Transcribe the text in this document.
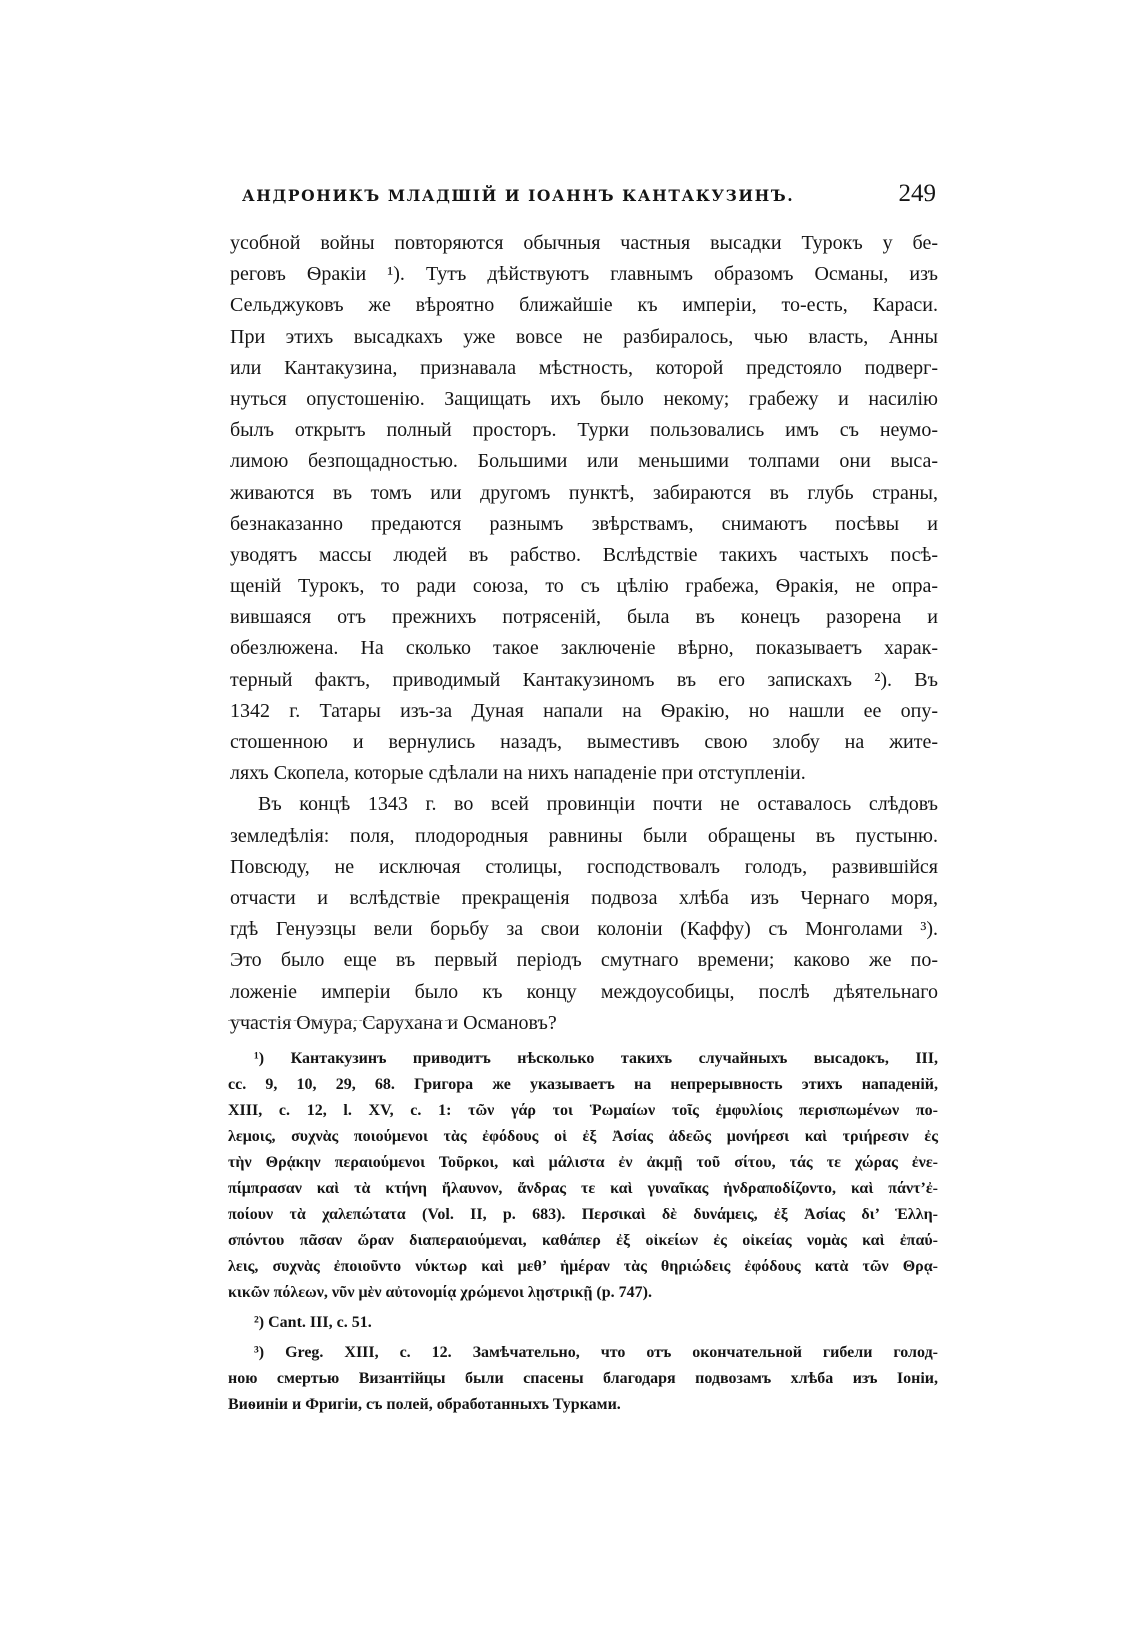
АНДРОНИКЪ МЛАДШІЙ И ІОАННЪ КАНТАКУЗИНЪ.	249
усобной войны повторяются обычныя частныя высадки Турокъ у бе-
реговъ Ѳракіи ¹). Тутъ дѣйствуютъ главнымъ образомъ Османы, изъ
Сельджуковъ же вѣроятно ближайшіе къ имперіи, то-есть, Караси.
При этихъ высадкахъ уже вовсе не разбиралось, чью власть, Анны
или Кантакузина, признавала мѣстность, которой предстояло подверг-
нуться опустошенію. Защищать ихъ было некому; грабежу и насилію
былъ открытъ полный просторъ. Турки пользовались имъ съ неумо-
лимою безпощадностью. Большими или меньшими толпами они выса-
живаются въ томъ или другомъ пунктѣ, забираются въ глубь страны,
безнаказанно предаются разнымъ звѣрствамъ, снимаютъ посѣвы и
уводятъ массы людей въ рабство. Вслѣдствіе такихъ частыхъ посѣ-
щеній Турокъ, то ради союза, то съ цѣлію грабежа, Ѳракія, не опра-
вившаяся отъ прежнихъ потрясеній, была въ конецъ разорена и
обезлюжена. На сколько такое заключеніе вѣрно, показываетъ харак-
терный фактъ, приводимый Кантакузиномъ въ его запискахъ ²). Въ
1342 г. Татары изъ-за Дуная напали на Ѳракію, но нашли ее опу-
стошенною и вернулись назадъ, выместивъ свою злобу на жите-
ляхъ Скопела, которые сдѣлали на нихъ нападеніе при отступленіи.
Въ концѣ 1343 г. во всей провинціи почти не оставалось слѣдовъ
земледѣлія: поля, плодородныя равнины были обращены въ пустыню.
Повсюду, не исключая столицы, господствовалъ голодъ, развившійся
отчасти и вслѣдствіе прекращенія подвоза хлѣба изъ Чернаго моря,
гдѣ Генуэзцы вели борьбу за свои колоніи (Каффу) съ Монголами ³).
Это было еще въ первый періодъ смутнаго времени; каково же по-
ложеніе имперіи было къ концу междоусобицы, послѣ дѣятельнаго
участія Омура, Саруханa и Османовъ?
¹) Кантакузинъ приводитъ нѣсколько такихъ случайныхъ высадокъ, III,
сс. 9, 10, 29, 68. Григора же указываетъ на непрерывность этихъ нападеній,
XIII, с. 12, l. XV, с. 1: τῶν γάρ τοι Ῥωμαίων τοῖς ἐμφυλίοις περισπωμένων πο-
λεμοις, συχνὰς ποιούμενοι τὰς ἐφόδους οἱ ἐξ Ἀσίας ἀδεῶς μονήρεσι καὶ τριήρεσιν ἐς
τὴν Θρᾴκην περαιούμενοι Τοῦρκοι, καὶ μάλιστα ἐν ἀκμῇ τοῦ σίτου, τάς τε χώρας ἐνε-
πίμπρασαν καὶ τὰ κτήνη ἤλαυνον, ἄνδρας τε καὶ γυναῖκας ἠνδραποδίζοντο, καὶ πάντ’ἐ-
ποίουν τὰ χαλεπώτατα (Vol. II, p. 683). Περσικαὶ δὲ δυνάμεις, ἐξ Ἀσίας δι’ Ἑλλη-
σπόντου πᾶσαν ὥραν διαπεραιούμεναι, καθάπερ ἐξ οἰκείων ἐς οἰκείας νομὰς καὶ ἐπαύ-
λεις, συχνὰς ἐποιοῦντο νύκτωρ καὶ μεθ’ ἡμέραν τὰς θηριώδεις ἐφόδους κατὰ τῶν Θρᾳ-
κικῶν πόλεων, νῦν μὲν αὐτονομίᾳ χρώμενοι λῃστρικῇ (p. 747).
²) Cant. III, с. 51.
³) Greg. XIII, с. 12. Замѣчательно, что отъ окончательной гибели голод-
ною смертью Византійцы были спасены благодаря подвозамъ хлѣба изъ Іоніи,
Виѳиніи и Фригіи, съ полей, обработанныхъ Турками.
